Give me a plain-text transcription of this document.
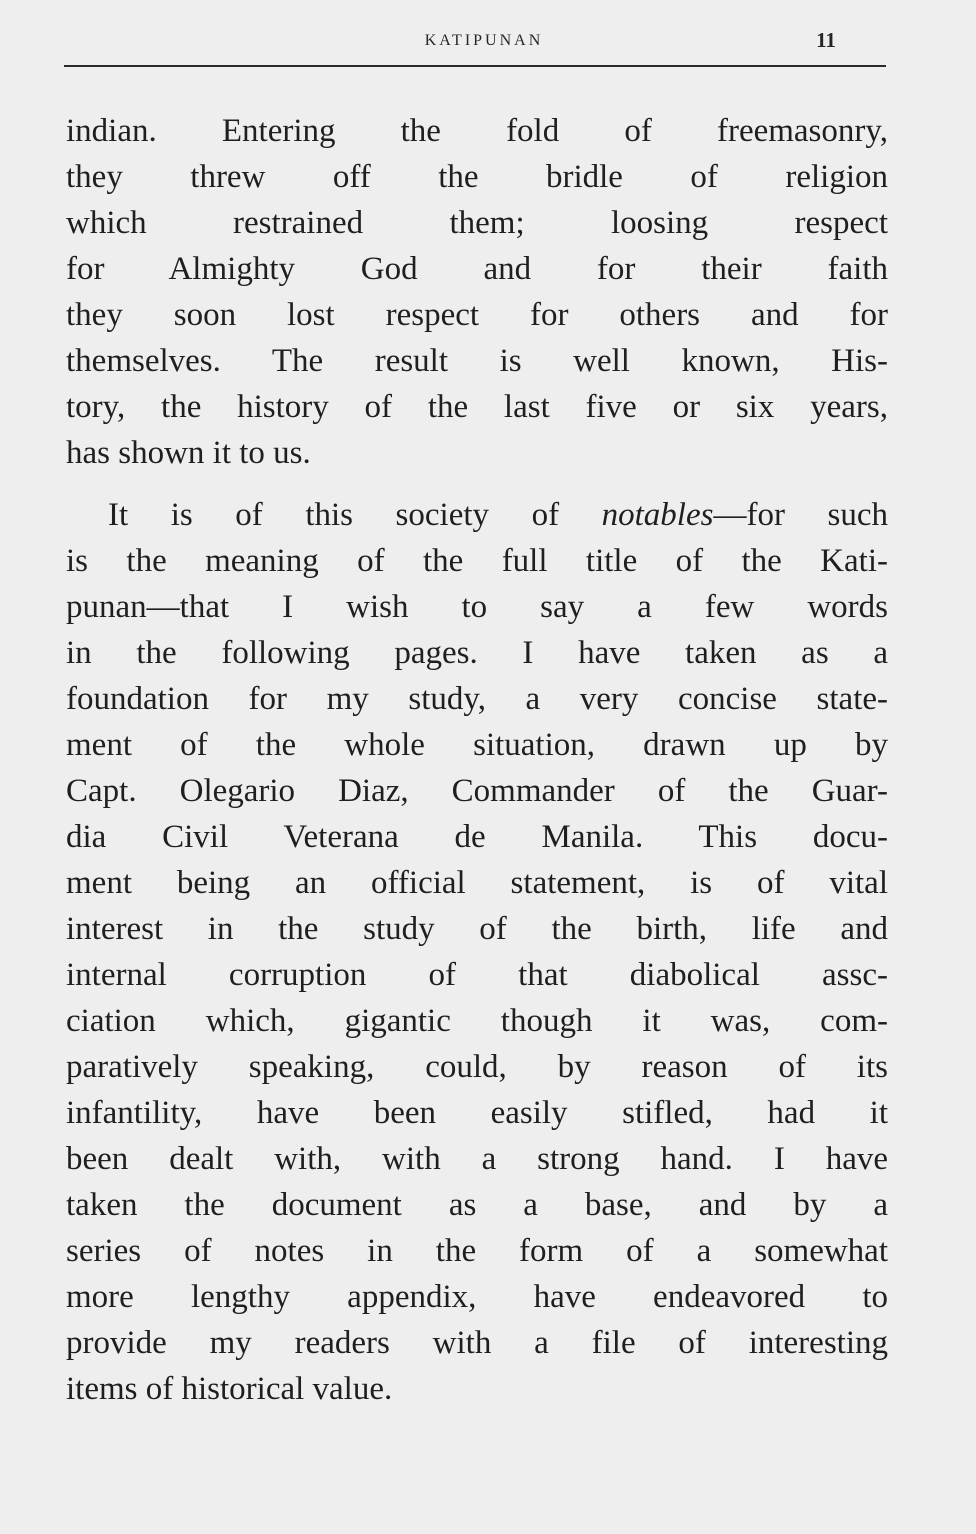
KATIPUNAN	11
indian. Entering the fold of freemasonry,
they threw off the bridle of religion
which restrained them; loosing respect
for Almighty God and for their faith
they soon lost respect for others and for
themselves. The result is well known, His-
tory, the history of the last five or six years,
has shown it to us.
It is of this society of notables—for such
is the meaning of the full title of the Kati-
punan—that I wish to say a few words
in the following pages. I have taken as a
foundation for my study, a very concise state-
ment of the whole situation, drawn up by
Capt. Olegario Diaz, Commander of the Guar-
dia Civil Veterana de Manila. This docu-
ment being an official statement, is of vital
interest in the study of the birth, life and
internal corruption of that diabolical assc-
ciation which, gigantic though it was, com-
paratively speaking, could, by reason of its
infantility, have been easily stifled, had it
been dealt with, with a strong hand. I have
taken the document as a base, and by a
series of notes in the form of a somewhat
more lengthy appendix, have endeavored to
provide my readers with a file of interesting
items of historical value.
